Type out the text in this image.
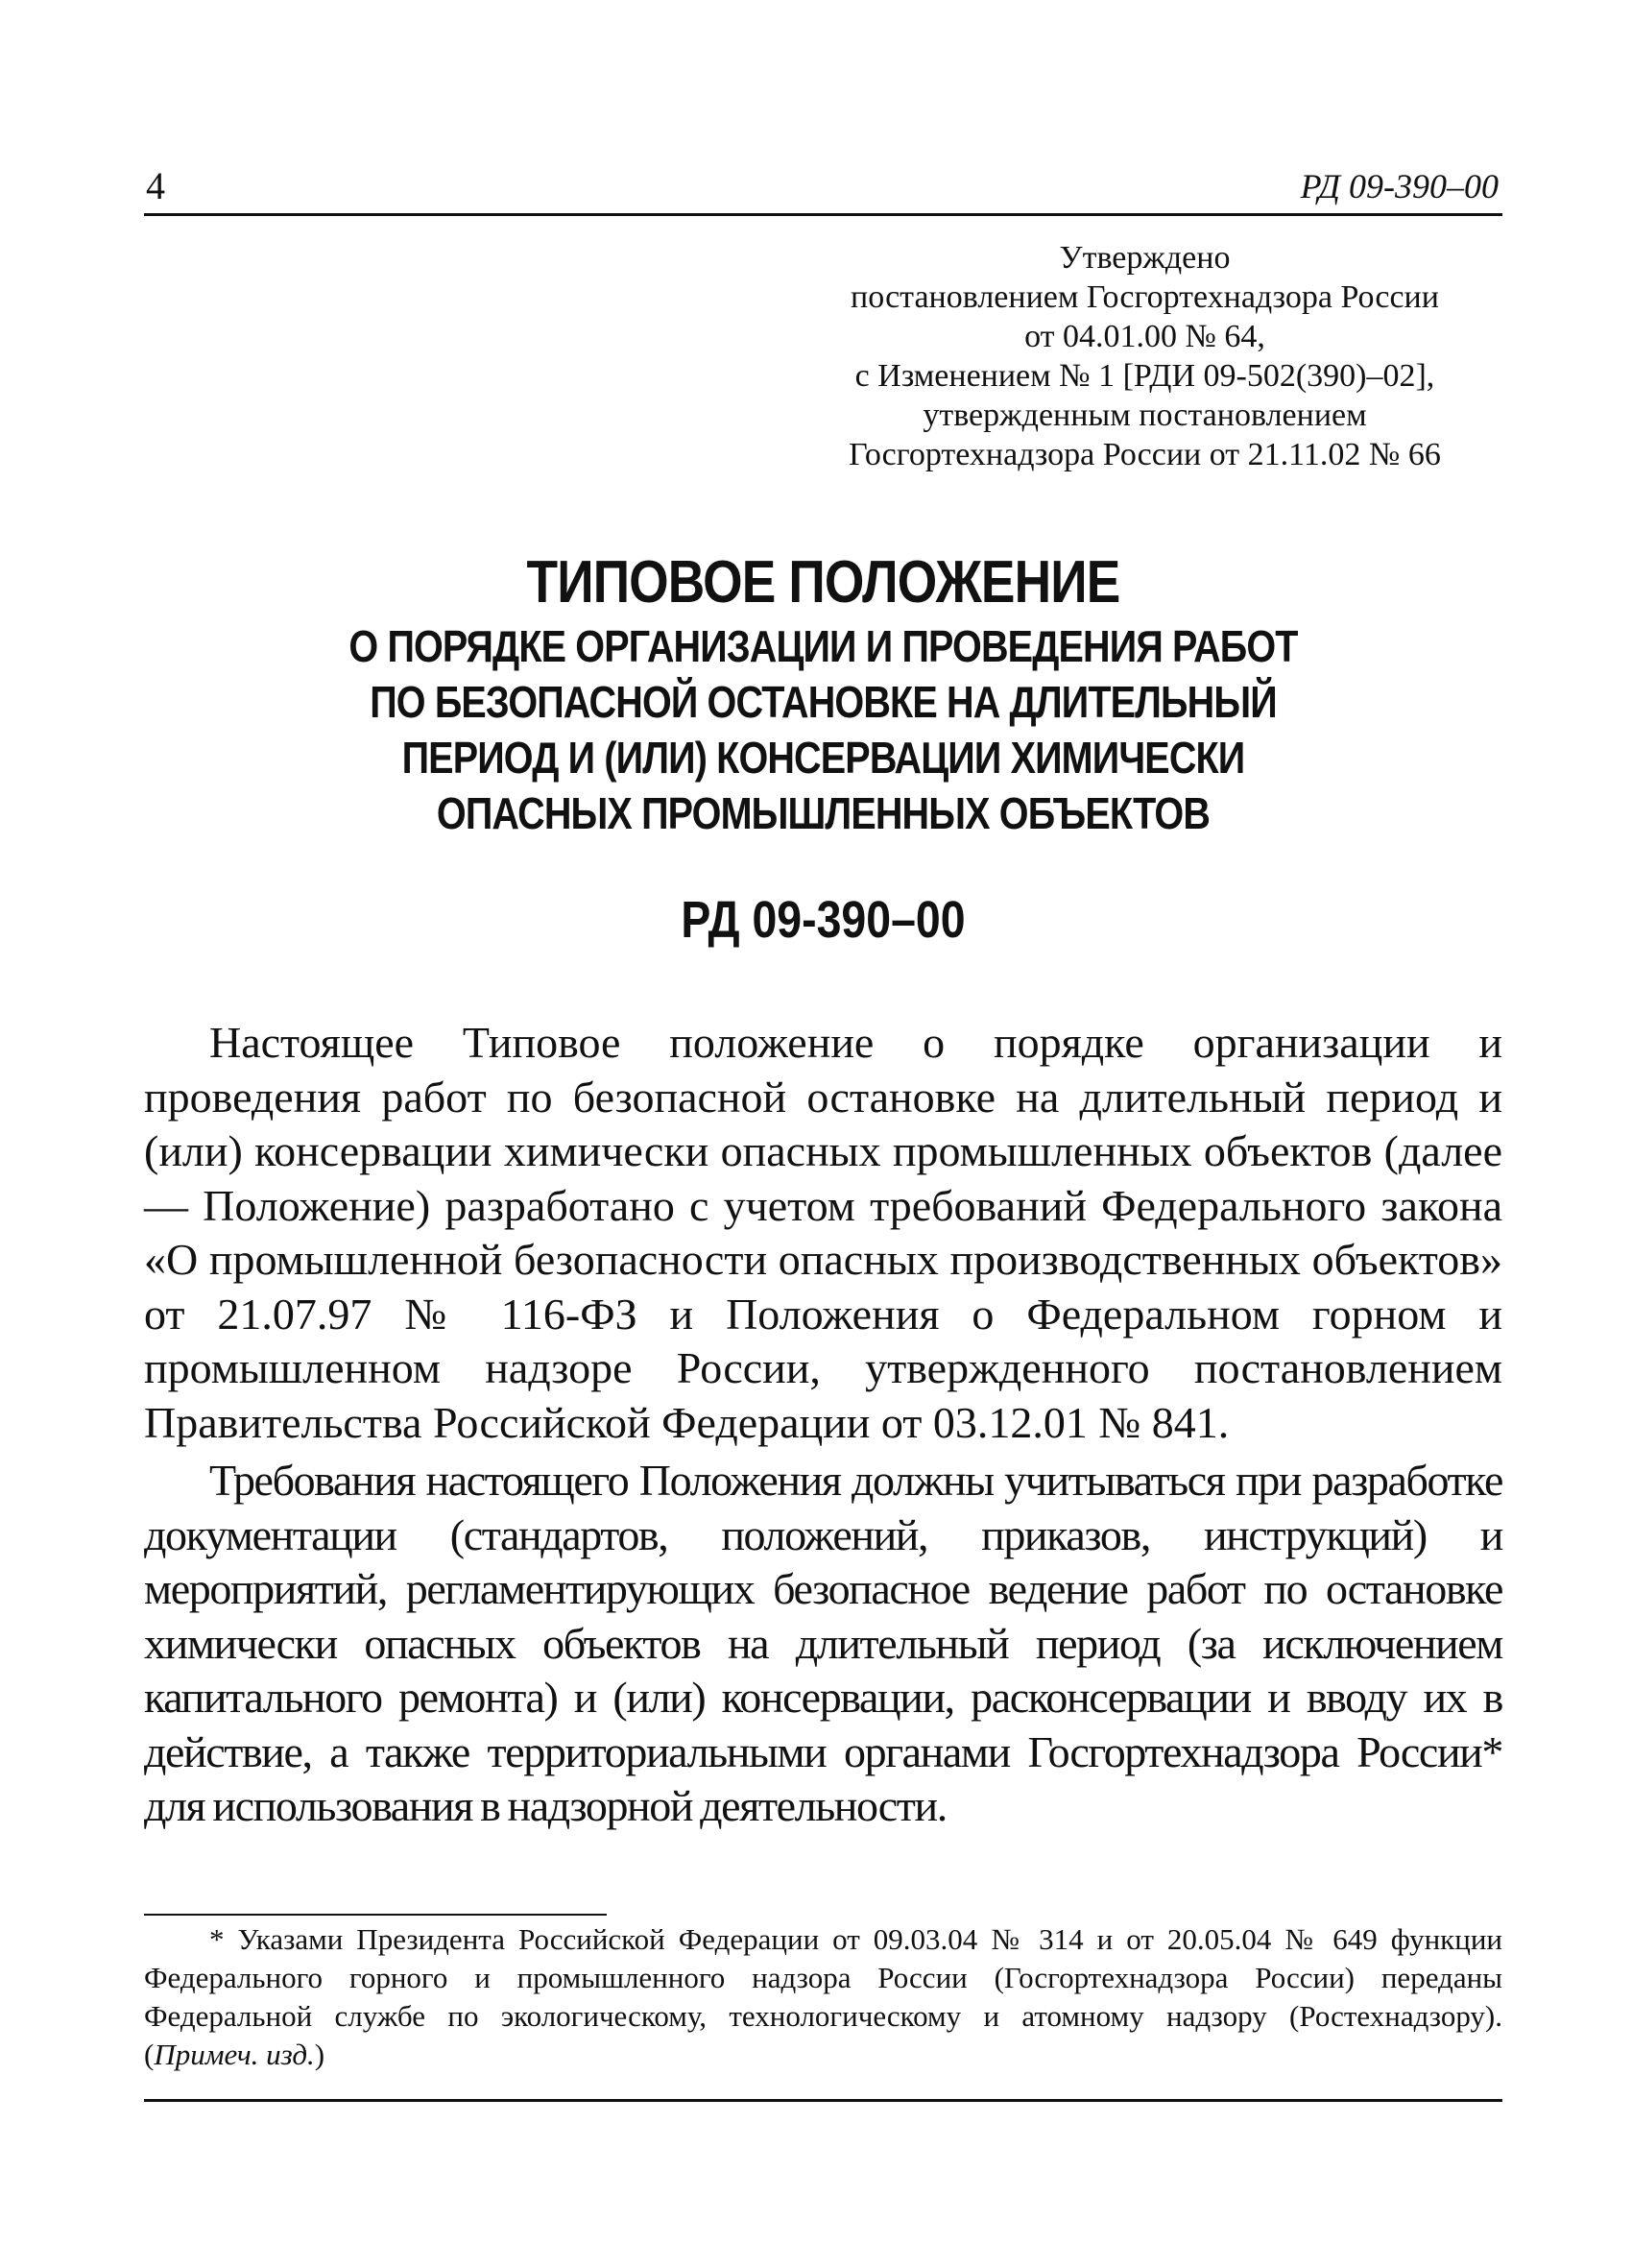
4	РД 09-390–00
Утверждено
постановлением Госгортехнадзора России
от 04.01.00 № 64,
с Изменением № 1 [РДИ 09-502(390)–02],
утвержденным постановлением
Госгортехнадзора России от 21.11.02 № 66
ТИПОВОЕ ПОЛОЖЕНИЕ
О ПОРЯДКЕ ОРГАНИЗАЦИИ И ПРОВЕДЕНИЯ РАБОТ
ПО БЕЗОПАСНОЙ ОСТАНОВКЕ НА ДЛИТЕЛЬНЫЙ
ПЕРИОД И (ИЛИ) КОНСЕРВАЦИИ ХИМИЧЕСКИ
ОПАСНЫХ ПРОМЫШЛЕННЫХ ОБЪЕКТОВ
РД 09-390–00

Настоящее Типовое положение о порядке организации и проведения работ по безопасной остановке на длительный период и (или) консервации химически опасных промышленных объектов (далее — Положение) разработано с учетом требований Федерального закона «О промышленной безопасности опасных производственных объектов» от 21.07.97 № 116-ФЗ и Положения о Федеральном горном и промышленном надзоре России, утвержденного постановлением Правительства Российской Федерации от 03.12.01 № 841.

Требования настоящего Положения должны учитываться при разработке документации (стандартов, положений, приказов, инструкций) и мероприятий, регламентирующих безопасное ведение работ по остановке химически опасных объектов на длительный период (за исключением капитального ремонта) и (или) консервации, расконсервации и вводу их в действие, а также территориальными органами Госгортехнадзора России* для использования в надзорной деятельности.

* Указами Президента Российской Федерации от 09.03.04 № 314 и от 20.05.04 № 649 функции Федерального горного и промышленного надзора России (Госгортехнадзора России) переданы Федеральной службе по экологическому, технологическому и атомному надзору (Ростехнадзору). (Примеч. изд.)
